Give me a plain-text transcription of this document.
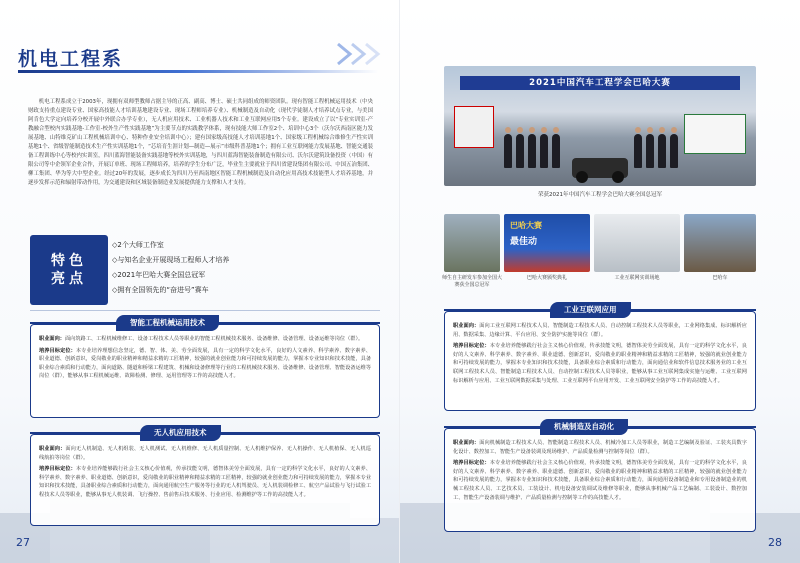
机电工程系
机电工程系成立于2003年，现拥有双师型教师占据主导的正高、副高、博士、硕士共同组成的师资团队。现有智能工程机械运用技术（中央财政支持重点建设专业、国家高技能人才培训基地建设专业、现场工程师培养专业）、机械制造及自动化（现代学徒制人才培养试点专业，与美国阿肯色大学定向培养分校开展中外联合办学专业），无人机应用技术、工业机器人技术和工业互联网应用5个专业。建设成立了以“专业实训室-产教融合型校内实践基地-工作室-校外生产性实践基地”为主要节点的实践教学体系，现有技能大师工作室2个、培训中心3个（沃尔沃西南区能力发展基地、山特维克矿山工程机械培训中心、特种作业安全培训中心）；建有国家级高技能人才培训基地1个、国家级工程机械综合维修生产性实训基地1个、省级智能制造技术生产性实训基地1个，“芯培育生涯计划—制造—展示”市级科普基地1个；拥有工业互联网能力发展基地、智能交通装备工程训练中心等校内实训室，四川蓝海智能装备实践基地等校外实训基地，与四川蓝海智能装备制造有限公司、沃尔沃建筑设备投资（中国）有限公司等中企领军企业合作，开展订单班、现场工程师培养，培养的学生分布广泛，毕业生主要就业于四川省建设集团有限公司、中国五冶集团、柳工集团、华为等大中型企业。经过20年的发展，逐步成长为四川乃至西南地区智能工程机械制造及自动化应用高技术技能型人才培养基地，并逐步发挥示范和辐射带动作用，为交通建设和区域装备制造业发展提供能力支撑和人才支持。
特色亮点
◇2个大师工作室
◇与知名企业开展现场工程师人才培养
◇2021年巴哈大赛全国总冠军
◇拥有全国领先的“奋进号”赛车
智能工程机械运用技术

职业面向：面向筑路工、工程机械维修工、设备工程技术人员等职业的智能工程机械技术服务、设备维修、设备管理、设备运维等岗位（群）。

培养目标定位：本专业培养理想信念坚定，德、智、体、美、劳全面发展，具有一定的科学文化水平，良好的人文素养、科学素养、数字素养、职业道德、创新意识，爱岗敬业的职业精神和精益求精的工匠精神，较强的就业创业能力和可持续发展的能力，掌握本专业知识和技术技能，具备职业综合素质和行动能力，面向道路、隧道和桥梁工程建筑、机械和设备修理等行业的工程机械技术服务、设备维修、设备管理、智能设备运维等岗位（群），能够从事工程机械运维、故障检测、修理、运用管理等工作的高技能人才。

无人机应用技术

职业面向：面向无人机制造、无人机组装、无人机测试、无人机维修、无人机质量控制、无人机维护保养、无人机操作、无人机植保、无人机巡线航拍等岗位（群）。

培养目标定位：本专业培养能够践行社会主义核心价值观，传承技能文明，德智体美劳全面发展，具有一定的科学文化水平，良好的人文素养、科学素养、数字素养、职业道德、创新意识，爱岗敬业的职业精神和精益求精的工匠精神，较强的就业创业能力和可持续发展的能力，掌握本专业知识和技术技能，具备职业综合素质和行动能力，面向通用航空生产服务等行业的无人机驾驶员、无人机装调检修工、航空产品试验与飞行试验工程技术人员等职业，能够从事无人机装调、飞行操控、售前售后技术服务、行业应用、检测维护等工作的高技能人才。

27
2021中国汽车工程学会巴哈大赛
荣获2021年中国汽车工程学会巴哈大赛全国总冠军
巴哈大赛
最佳动
师生自主研发车参加全国大赛获全国总冠军
巴哈大赛颁奖典礼	工业互联网实训场地	巴哈车
工业互联网应用

职业面向：面向工业互联网工程技术人员、智能制造工程技术人员、自动控制工程技术人员等职业，工业网络集成、标识解析应用、数据采集、边缘计算、平台应用、安全防护实施等岗位（群）。

培养目标定位：本专业培养能够践行社会主义核心价值观，传承技能文明，德智体美劳全面发展，具有一定的科学文化水平，良好的人文素养、科学素养、数字素养、职业道德、创新意识，爱岗敬业的职业精神和精益求精的工匠精神，较强的就业创业能力和可持续发展的能力，掌握本专业知识和技术技能，具备职业综合素质和行动能力，面向通信业和软件信息技术服务业的工业互联网工程技术人员、智能制造工程技术人员、自动控制工程技术人员等职业，能够从事工业互联网集成实施与运维、工业互联网标识解析与应用、工业互联网数据采集与处理、工业互联网平台应用开发、工业互联网安全防护等工作的高技能人才。

机械制造及自动化

职业面向：面向机械制造工程技术人员、智能制造工程技术人员、机械冷加工人员等职业，制造工艺编制及验证、工装夹具数字化设计、数控加工、智能生产设备装调及现场维护、产品质量检测与控制等岗位（群）。

培养目标定位：本专业培养能够践行社会主义核心价值观，传承技能文明，德智体美劳全面发展，具有一定的科学文化水平，良好的人文素养、科学素养、数字素养、职业道德、创新意识，爱岗敬业的职业精神和精益求精的工匠精神，较强的就业创业能力和可持续发展的能力，掌握本专业知识和技术技能，具备职业综合素质和行动能力，面向通用设备制造业和专用设备制造业的机械工程技术人员、工艺技术员、工装设计、机电设备安装调试及维修等职业，能够从事机械产品工艺编制、工装设计、数控加工、智能生产设备装调与维护、产品质量检测与控制等工作的高技能人才。

28
